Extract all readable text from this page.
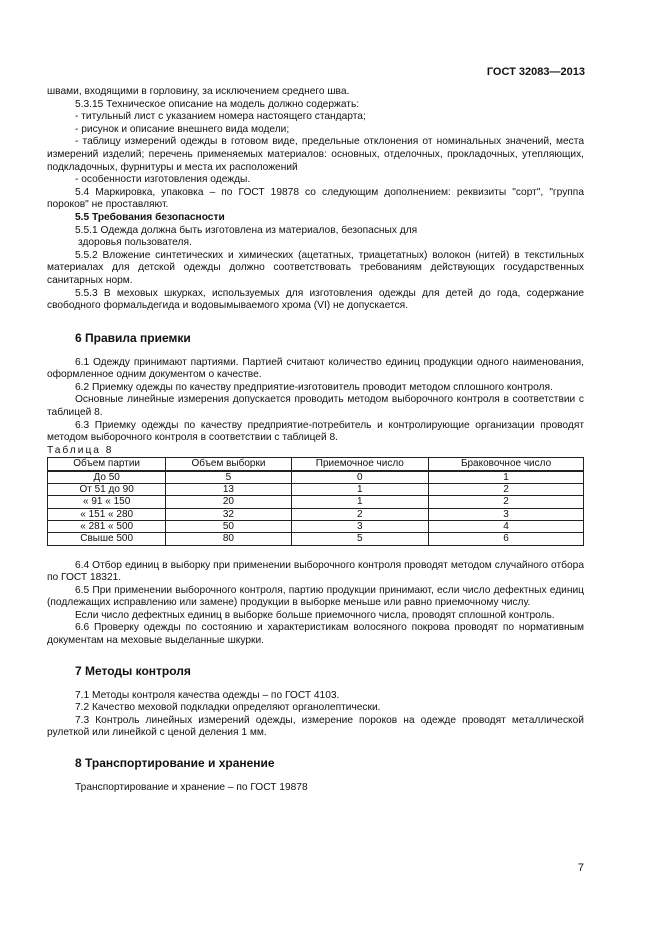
ГОСТ 32083—2013

швами, входящими в горловину, за исключением среднего шва.

5.3.15 Техническое описание на модель должно содержать:

- титульный лист с указанием номера настоящего стандарта;

- рисунок и описание внешнего вида модели;

- таблицу измерений одежды в готовом виде, предельные отклонения от номинальных значений, места измерений изделий; перечень применяемых материалов: основных, отделочных, прокладочных, утепляющих, подкладочных, фурнитуры и места их расположений

- особенности изготовления одежды.

5.4 Маркировка, упаковка – по ГОСТ 19878 со следующим дополнением: реквизиты "сорт", "группа пороков" не проставляют.

5.5 Требования безопасности

5.5.1 Одежда должна быть изготовлена из материалов, безопасных для

здоровья пользователя.

5.5.2 Вложение синтетических и химических (ацетатных, триацетатных) волокон (нитей) в текстильных материалах для детской одежды должно соответствовать требованиям действующих государственных санитарных норм.

5.5.3 В меховых шкурках, используемых для изготовления одежды для детей до года, содержание свободного формальдегида и водовымываемого хрома (VI) не допускается.

6 Правила приемки

6.1 Одежду принимают партиями. Партией считают количество единиц продукции одного наименования, оформленное одним документом о качестве.

6.2 Приемку одежды по качеству предприятие-изготовитель проводит методом сплошного контроля.

Основные линейные измерения допускается проводить методом выборочного контроля в соответствии с таблицей 8.

6.3 Приемку одежды по качеству предприятие-потребитель и контролирующие организации проводят методом выборочного контроля в соответствии с таблицей 8.

Таблица 8

Объем партии	Объем выборки	Приемочное число	Браковочное число
До 50	5	0	1
От 51 до 90	13	1	2
« 91 « 150	20	1	2
« 151 « 280	32	2	3
« 281 « 500	50	3	4
Свыше 500	80	5	6

6.4 Отбор единиц в выборку при применении выборочного контроля проводят методом случайного отбора по ГОСТ 18321.

6.5 При применении выборочного контроля, партию продукции принимают, если число дефектных единиц (подлежащих исправлению или замене) продукции в выборке меньше или равно приемочному числу.

Если число дефектных единиц в выборке больше приемочного числа, проводят сплошной контроль.

6.6 Проверку одежды по состоянию и характеристикам волосяного покрова проводят по нормативным документам на меховые выделанные шкурки.

7 Методы контроля

7.1 Методы контроля качества одежды – по ГОСТ 4103.

7.2 Качество меховой подкладки определяют органолептически.

7.3 Контроль линейных измерений одежды, измерение пороков на одежде проводят металлической рулеткой или линейкой с ценой деления 1 мм.

8 Транспортирование и хранение

Транспортирование и хранение – по ГОСТ 19878

7
